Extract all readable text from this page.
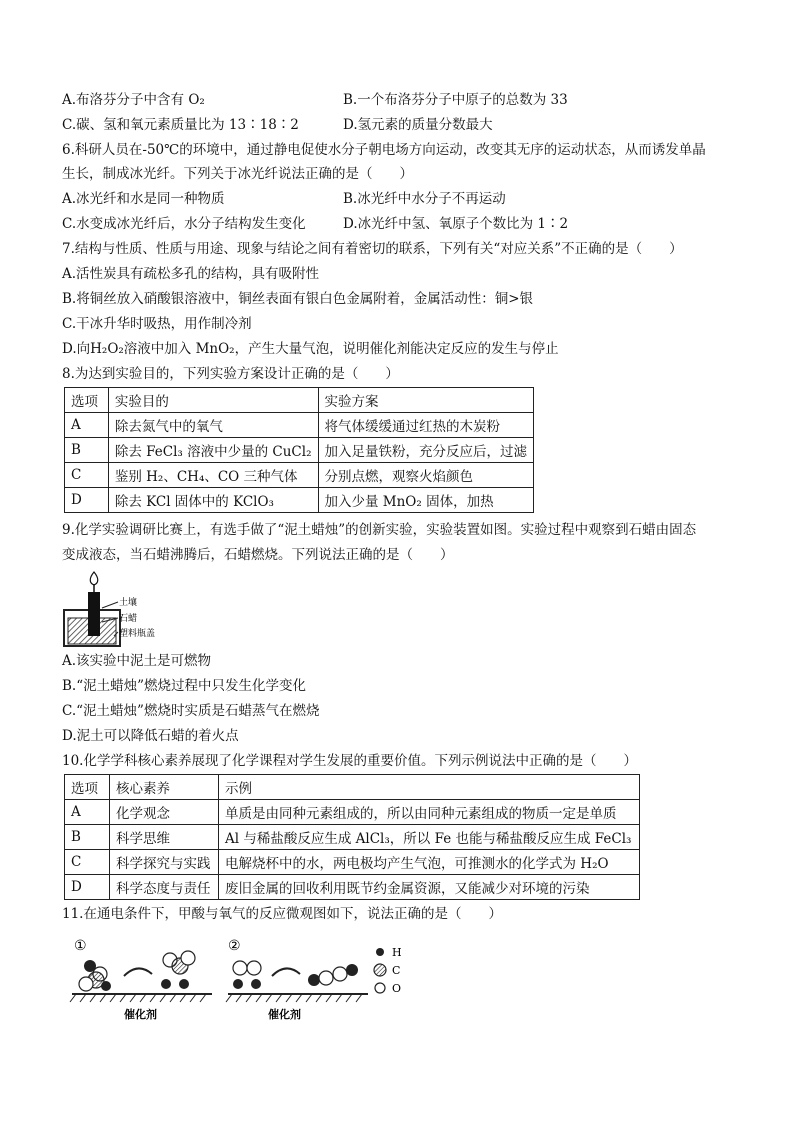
A.布洛芬分子中含有 O₂	B.一个布洛芬分子中原子的总数为 33
C.碳、氢和氧元素质量比为 13∶18∶2	D.氢元素的质量分数最大
6.科研人员在-50℃的环境中，通过静电促使水分子朝电场方向运动，改变其无序的运动状态，从而诱发单晶
生长，制成冰光纤。下列关于冰光纤说法正确的是（　　）
A.冰光纤和水是同一种物质	B.冰光纤中水分子不再运动
C.水变成冰光纤后，水分子结构发生变化	D.冰光纤中氢、氧原子个数比为 1∶2
7.结构与性质、性质与用途、现象与结论之间有着密切的联系，下列有关“对应关系”不正确的是（　　）
A.活性炭具有疏松多孔的结构，具有吸附性
B.将铜丝放入硝酸银溶液中，铜丝表面有银白色金属附着，金属活动性：铜>银
C.干冰升华时吸热，用作制冷剂
D.向H₂O₂溶液中加入 MnO₂，产生大量气泡，说明催化剂能决定反应的发生与停止
8.为达到实验目的，下列实验方案设计正确的是（　　）
选项	实验目的	实验方案
A	除去氮气中的氧气	将气体缓缓通过红热的木炭粉
B	除去 FeCl₃ 溶液中少量的 CuCl₂	加入足量铁粉，充分反应后，过滤
C	鉴别 H₂、CH₄、CO 三种气体	分别点燃，观察火焰颜色
D	除去 KCl 固体中的 KClO₃	加入少量 MnO₂ 固体，加热
9.化学实验调研比赛上，有选手做了“泥土蜡烛”的创新实验，实验装置如图。实验过程中观察到石蜡由固态
变成液态，当石蜡沸腾后，石蜡燃烧。下列说法正确的是（　　）
土壤
石蜡
塑料瓶盖
A.该实验中泥土是可燃物
B.“泥土蜡烛”燃烧过程中只发生化学变化
C.“泥土蜡烛”燃烧时实质是石蜡蒸气在燃烧
D.泥土可以降低石蜡的着火点
10.化学学科核心素养展现了化学课程对学生发展的重要价值。下列示例说法中正确的是（　　）
选项	核心素养	示例
A	化学观念	单质是由同种元素组成的，所以由同种元素组成的物质一定是单质
B	科学思维	Al 与稀盐酸反应生成 AlCl₃，所以 Fe 也能与稀盐酸反应生成 FeCl₃
C	科学探究与实践	电解烧杯中的水，两电极均产生气泡，可推测水的化学式为 H₂O
D	科学态度与责任	废旧金属的回收利用既节约金属资源，又能减少对环境的污染
11.在通电条件下，甲酸与氧气的反应微观图如下，说法正确的是（　　）
①
催化剂
②
催化剂
H
C
O
